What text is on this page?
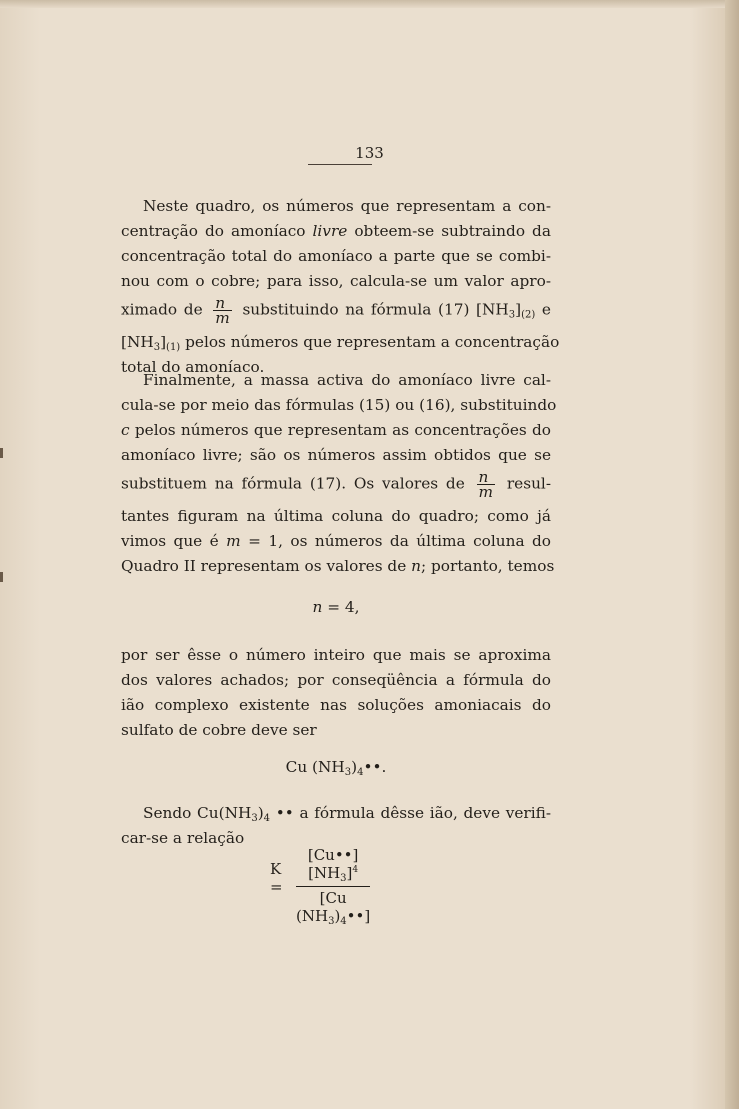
133
Neste quadro, os números que representam a con-
centração do amoníaco livre obteem-se subtraindo da
concentração total do amoníaco a parte que se combi-
nou com o cobre; para isso, calcula-se um valor apro-
ximado de $\frac{n}{m}$ substituindo na fórmula (17) $[NH_3]_{(2)}$ e
$[NH_3]_{(1)}$ pelos números que representam a concentração
total do amoníaco.
Finalmente, a massa activa do amoníaco livre cal-
cula-se por meio das fórmulas (15) ou (16), substituindo
c pelos números que representam as concentrações do
amoníaco livre; são os números assim obtidos que se
substituem na fórmula (17). Os valores de $\frac{n}{m}$ resul-
tantes figuram na última coluna do quadro; como já
vimos que é m = 1, os números da última coluna do
Quadro II representam os valores de n; portanto, temos
n = 4,
por ser êsse o número inteiro que mais se aproxima
dos valores achados; por conseqüência a fórmula do
ião complexo existente nas soluções amoniacais do
sulfato de cobre deve ser
Cu $(NH_3)_4••$.
Sendo $Cu(NH_3)_4$ •• a fórmula dêsse ião, deve verifi-
car-se a relação
$K = \frac{[Cu••] [NH_3]^4}{[Cu (NH_3)_4••]}$
